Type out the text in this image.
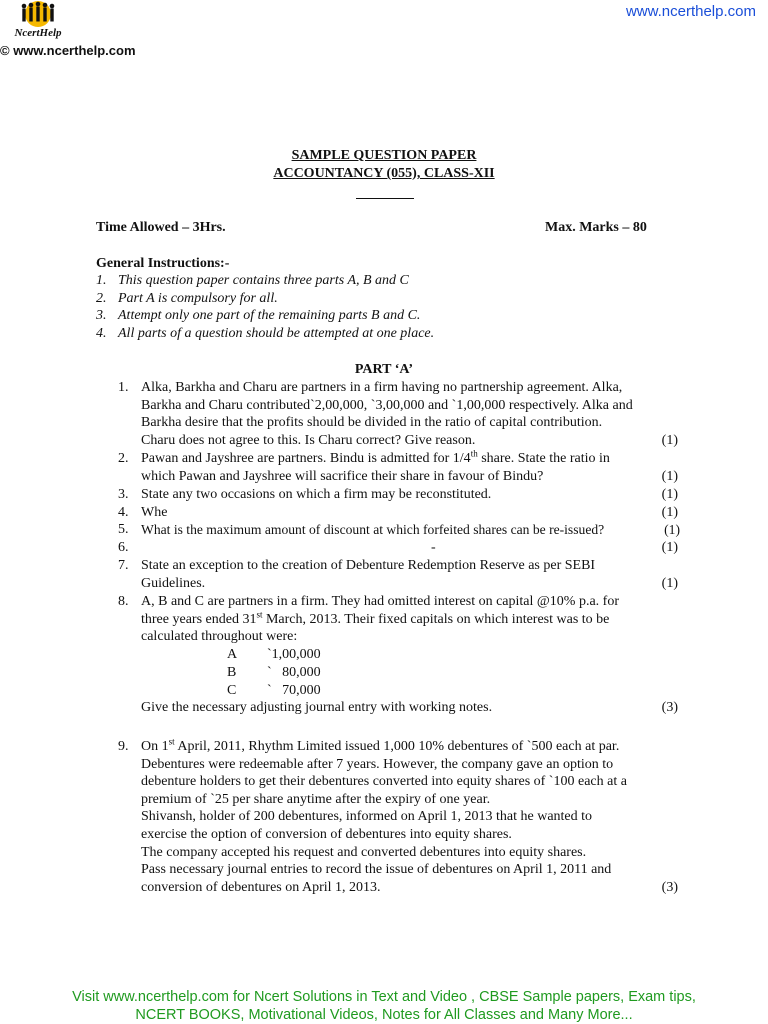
NcertHelp
© www.ncerthelp.com
www.ncerthelp.com
SAMPLE QUESTION PAPER
ACCOUNTANCY (055), CLASS-XII
Time Allowed – 3Hrs.	Max. Marks – 80
General Instructions:-
1. This question paper contains three parts A, B and C
2. Part A is compulsory for all.
3. Attempt only one part of the remaining parts B and C.
4. All parts of a question should be attempted at one place.
PART ‘A’
1. Alka, Barkha and Charu are partners in a firm having no partnership agreement. Alka,
Barkha and Charu contributed`2,00,000, `3,00,000 and `1,00,000 respectively. Alka and
Barkha desire that the profits should be divided in the ratio of capital contribution.
Charu does not agree to this. Is Charu correct? Give reason.	(1)
2. Pawan and Jayshree are partners. Bindu is admitted for 1/4th share. State the ratio in
which Pawan and Jayshree will sacrifice their share in favour of Bindu?	(1)
3. State any two occasions on which a firm may be reconstituted.	(1)
4. Whe	(1)
5. What is the maximum amount of discount at which forfeited shares can be re-issued?	(1)
6.	-	(1)
7. State an exception to the creation of Debenture Redemption Reserve as per SEBI
Guidelines.	(1)
8. A, B and C are partners in a firm. They had omitted interest on capital @10% p.a. for
three years ended 31st March, 2013. Their fixed capitals on which interest was to be
calculated throughout were:
A `1,00,000
B `   80,000
C `   70,000
Give the necessary adjusting journal entry with working notes.	(3)
9. On 1st April, 2011, Rhythm Limited issued 1,000 10% debentures of `500 each at par.
Debentures were redeemable after 7 years. However, the company gave an option to
debenture holders to get their debentures converted into equity shares of `100 each at a
premium of `25 per share anytime after the expiry of one year.
Shivansh, holder of 200 debentures, informed on April 1, 2013 that he wanted to
exercise the option of conversion of debentures into equity shares.
The company accepted his request and converted debentures into equity shares.
Pass necessary journal entries to record the issue of debentures on April 1, 2011 and
conversion of debentures on April 1, 2013.	(3)
Visit www.ncerthelp.com for Ncert Solutions in Text and Video , CBSE Sample papers, Exam tips,
NCERT BOOKS, Motivational Videos, Notes for All Classes and Many More...
